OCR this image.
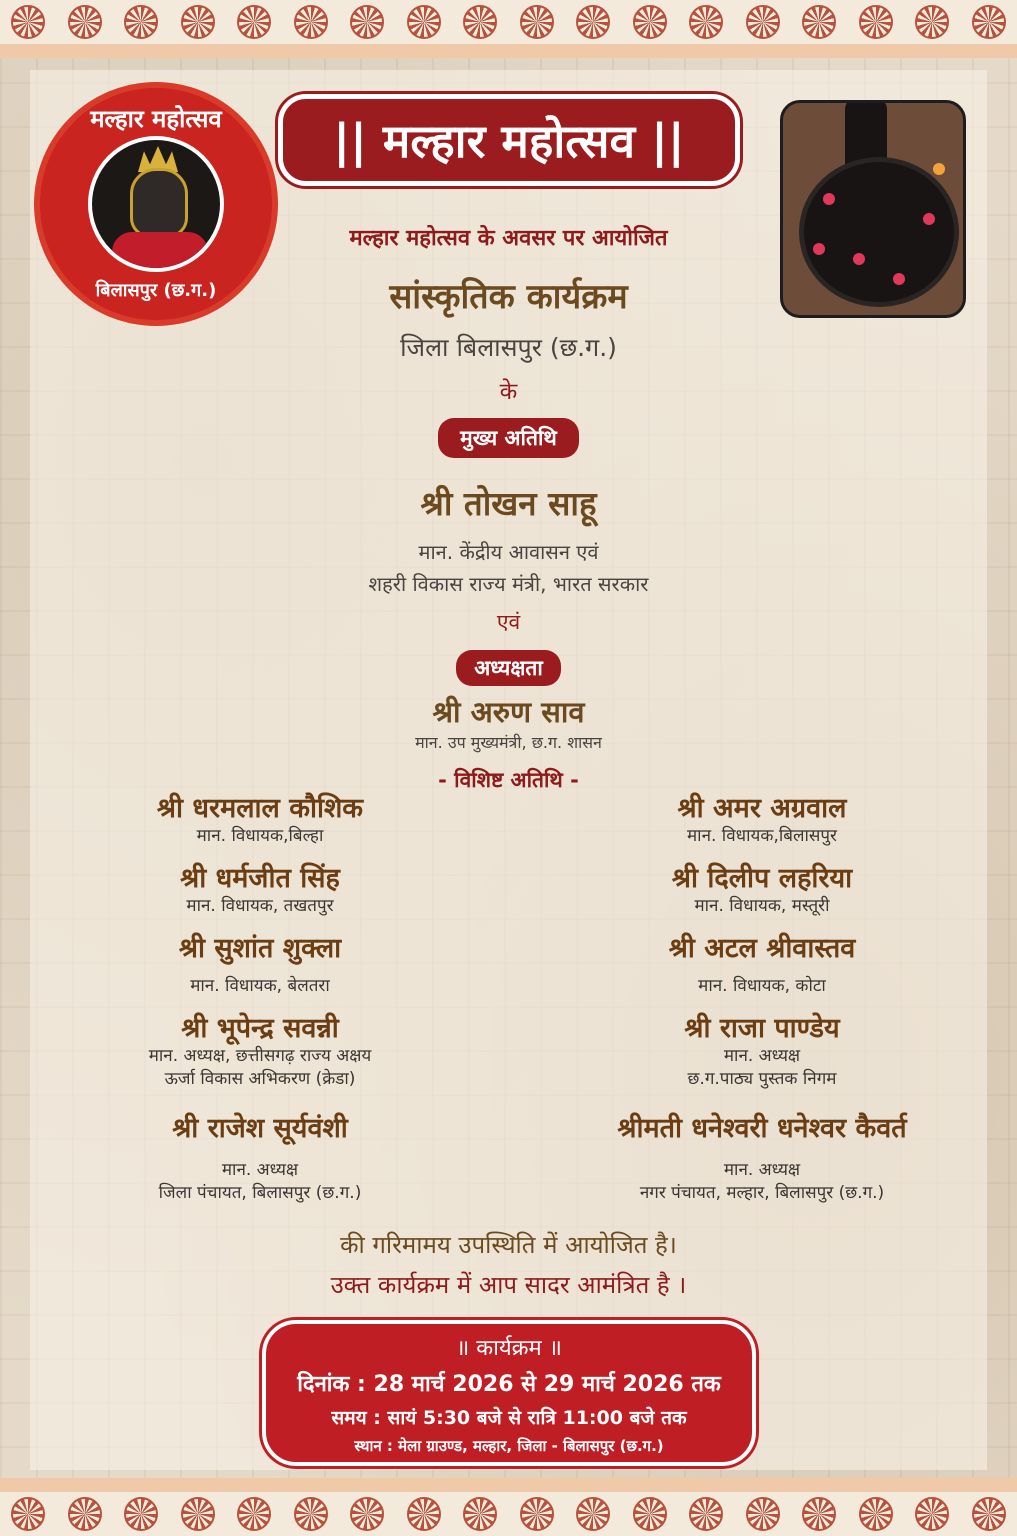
मल्हार महोत्सव
बिलासपुर (छ.ग.)
|| मल्हार महोत्सव ||
मल्हार महोत्सव के अवसर पर आयोजित
सांस्कृतिक कार्यक्रम
जिला बिलासपुर (छ.ग.)
के
मुख्य अतिथि
श्री तोखन साहू
मान. केंद्रीय आवासन एवं
शहरी विकास राज्य मंत्री, भारत सरकार
एवं
अध्यक्षता
श्री अरुण साव
मान. उप मुख्यमंत्री, छ.ग. शासन
- विशिष्ट अतिथि -
श्री धरमलाल कौशिक
मान. विधायक,बिल्हा
श्री धर्मजीत सिंह
मान. विधायक, तखतपुर
श्री सुशांत शुक्ला
मान. विधायक, बेलतरा
श्री भूपेन्द्र सवन्नी
मान. अध्यक्ष, छत्तीसगढ़ राज्य अक्षय
ऊर्जा विकास अभिकरण (क्रेडा)
श्री राजेश सूर्यवंशी
मान. अध्यक्ष
जिला पंचायत, बिलासपुर (छ.ग.)
श्री अमर अग्रवाल
मान. विधायक,बिलासपुर
श्री दिलीप लहरिया
मान. विधायक, मस्तूरी
श्री अटल श्रीवास्तव
मान. विधायक, कोटा
श्री राजा पाण्डेय
मान. अध्यक्ष
छ.ग.पाठ्य पुस्तक निगम
श्रीमती धनेश्वरी धनेश्वर कैवर्त
मान. अध्यक्ष
नगर पंचायत, मल्हार, बिलासपुर (छ.ग.)
की गरिमामय उपस्थिति में आयोजित है।
उक्त कार्यक्रम में आप सादर आमंत्रित है ।
॥ कार्यक्रम ॥
दिनांक : 28 मार्च 2026 से 29 मार्च 2026 तक
समय : सायं 5:30 बजे से रात्रि 11:00 बजे तक
स्थान : मेला ग्राउण्ड, मल्हार, जिला - बिलासपुर (छ.ग.)
